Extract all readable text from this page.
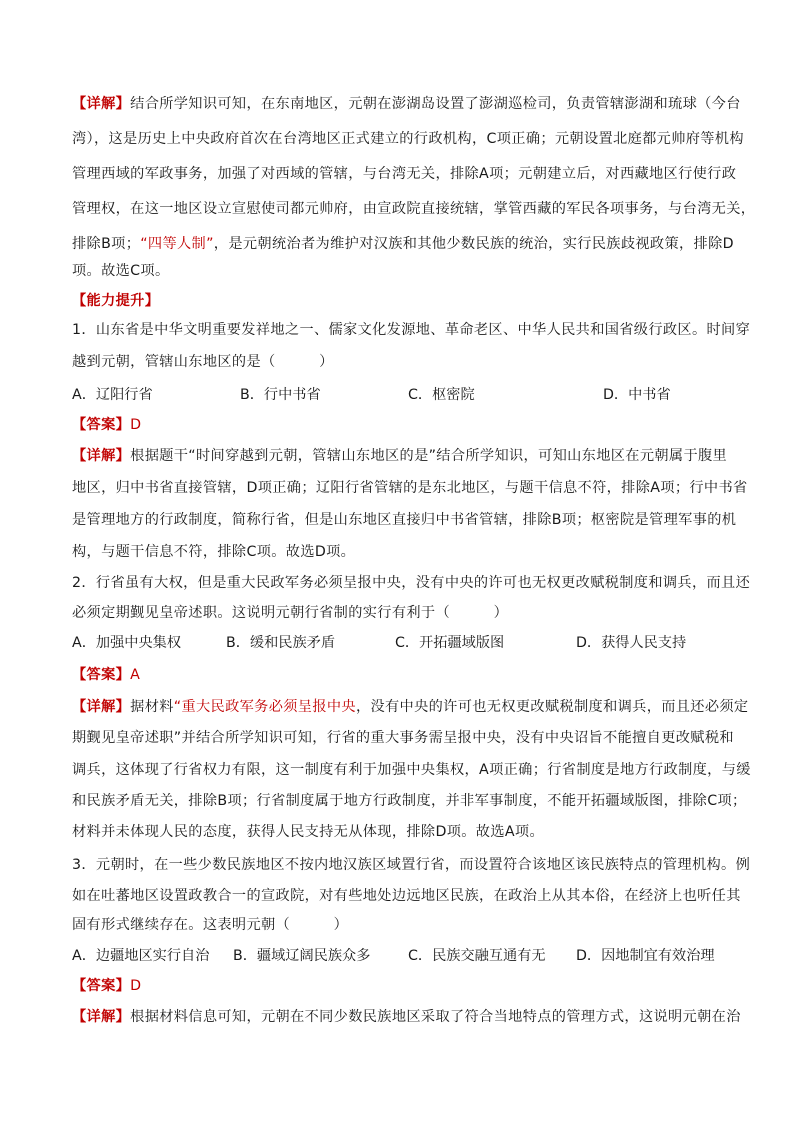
【详解】结合所学知识可知，在东南地区，元朝在澎湖岛设置了澎湖巡检司，负责管辖澎湖和琉球（今台
湾），这是历史上中央政府首次在台湾地区正式建立的行政机构，C项正确；元朝设置北庭都元帅府等机构
管理西域的军政事务，加强了对西域的管辖，与台湾无关，排除A项；元朝建立后，对西藏地区行使行政
管理权，在这一地区设立宣慰使司都元帅府，由宣政院直接统辖，掌管西藏的军民各项事务，与台湾无关，
排除B项；“四等人制”，是元朝统治者为维护对汉族和其他少数民族的统治，实行民族歧视政策，排除D
项。故选C项。
【能力提升】
1．山东省是中华文明重要发祥地之一、儒家文化发源地、革命老区、中华人民共和国省级行政区。时间穿
越到元朝，管辖山东地区的是（　　　）
A．辽阳行省	B．行中书省	C．枢密院	D．中书省
【答案】D
【详解】根据题干“时间穿越到元朝，管辖山东地区的是”结合所学知识，可知山东地区在元朝属于腹里
地区，归中书省直接管辖，D项正确；辽阳行省管辖的是东北地区，与题干信息不符，排除A项；行中书省
是管理地方的行政制度，简称行省，但是山东地区直接归中书省管辖，排除B项；枢密院是管理军事的机
构，与题干信息不符，排除C项。故选D项。
2．行省虽有大权，但是重大民政军务必须呈报中央，没有中央的许可也无权更改赋税制度和调兵，而且还
必须定期觐见皇帝述职。这说明元朝行省制的实行有利于（　　　）
A．加强中央集权	B．缓和民族矛盾	C．开拓疆域版图	D．获得人民支持
【答案】A
【详解】据材料“重大民政军务必须呈报中央，没有中央的许可也无权更改赋税制度和调兵，而且还必须定
期觐见皇帝述职”并结合所学知识可知，行省的重大事务需呈报中央，没有中央诏旨不能擅自更改赋税和
调兵，这体现了行省权力有限，这一制度有利于加强中央集权，A项正确；行省制度是地方行政制度，与缓
和民族矛盾无关，排除B项；行省制度属于地方行政制度，并非军事制度，不能开拓疆域版图，排除C项；
材料并未体现人民的态度，获得人民支持无从体现，排除D项。故选A项。
3．元朝时，在一些少数民族地区不按内地汉族区域置行省，而设置符合该地区该民族特点的管理机构。例
如在吐蕃地区设置政教合一的宣政院，对有些地处边远地区民族，在政治上从其本俗，在经济上也听任其
固有形式继续存在。这表明元朝（　　　）
A．边疆地区实行自治 B．疆域辽阔民族众多	C．民族交融互通有无 D．因地制宜有效治理
【答案】D
【详解】根据材料信息可知，元朝在不同少数民族地区采取了符合当地特点的管理方式，这说明元朝在治
